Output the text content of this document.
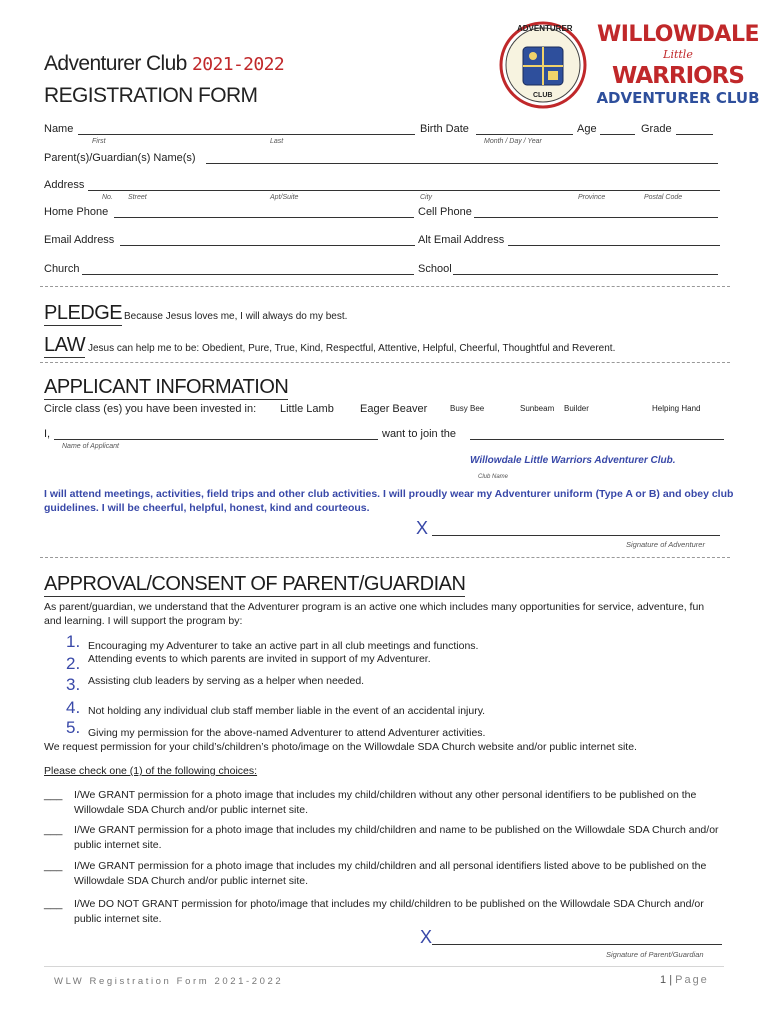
Adventurer Club 2021-2022
REGISTRATION FORM
ADVENTURER
CLUB
WILLOWDALE
Little WARRIORS
ADVENTURER CLUB
Name
First	Last
Birth Date
Month / Day / Year
Age	Grade
Parent(s)/Guardian(s) Name(s)
Address
No. Street	Apt/Suite	City	Province	Postal Code
Home Phone	Cell Phone
Email Address	Alt Email Address
Church	School
PLEDGE Because Jesus loves me, I will always do my best.
LAW Jesus can help me to be: Obedient, Pure, True, Kind, Respectful, Attentive, Helpful, Cheerful, Thoughtful and Reverent.
APPLICANT INFORMATION
Circle class (es) you have been invested in: Little Lamb Eager Beaver	Busy Bee	Sunbeam Builder	Helping Hand
I,	want to join the
Name of Applicant
Willowdale Little Warriors Adventurer Club.
Club Name
I will attend meetings, activities, field trips and other club activities. I will proudly wear my Adventurer uniform (Type A or B) and obey club guidelines. I will be cheerful, helpful, honest, kind and courteous.
X
Signature of Adventurer
APPROVAL/CONSENT OF PARENT/GUARDIAN
As parent/guardian, we understand that the Adventurer program is an active one which includes many opportunities for service, adventure, fun and learning. I will support the program by:
1. Encouraging my Adventurer to take an active part in all club meetings and functions.
2. Attending events to which parents are invited in support of my Adventurer.
3. Assisting club leaders by serving as a helper when needed.
4. Not holding any individual club staff member liable in the event of an accidental injury.
5. Giving my permission for the above-named Adventurer to attend Adventurer activities.
We request permission for your child’s/children’s photo/image on the Willowdale SDA Church website and/or public internet site.
Please check one (1) of the following choices:
___	I/We GRANT permission for a photo image that includes my child/children without any other personal identifiers to be published on the Willowdale SDA Church and/or public internet site.
___	I/We GRANT permission for a photo image that includes my child/children and name to be published on the Willowdale SDA Church and/or public internet site.
___	I/We GRANT permission for a photo image that includes my child/children and all personal identifiers listed above to be published on the Willowdale SDA Church and/or public internet site.
___	I/We DO NOT GRANT permission for photo/image that includes my child/children to be published on the Willowdale SDA Church and/or public internet site.
X
Signature of Parent/Guardian
WLW Registration Form 2021-2022	1 | Page
